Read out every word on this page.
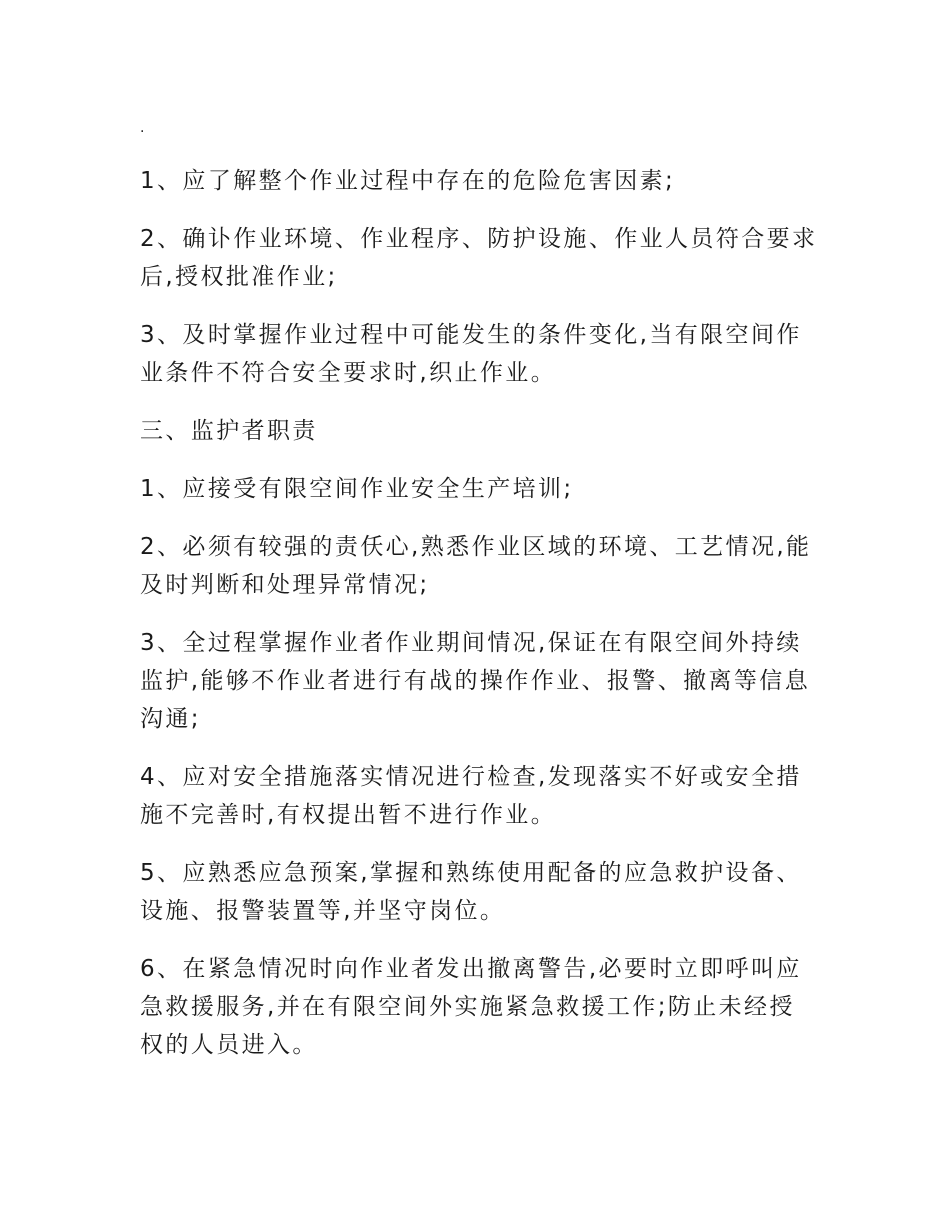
.

1、应了解整个作业过程中存在的危险危害因素;

2、确讣作业环境、作业程序、防护设施、作业人员符合要求后,授权批准作业;

3、及时掌握作业过程中可能发生的条件变化,当有限空间作业条件不符合安全要求时,织止作业。

三、监护者职责

1、应接受有限空间作业安全生产培训;

2、必须有较强的责仸心,熟悉作业区域的环境、工艺情况,能及时判断和处理异常情况;

3、全过程掌握作业者作业期间情况,保证在有限空间外持续监护,能够不作业者进行有战的操作作业、报警、撤离等信息沟通;

4、应对安全措施落实情况进行检查,发现落实不好或安全措施不完善时,有权提出暂不进行作业。

5、应熟悉应急预案,掌握和熟练使用配备的应急救护设备、设施、报警装置等,并坚守岗位。

6、在紧急情况时向作业者发出撤离警告,必要时立即呼叫应急救援服务,并在有限空间外实施紧急救援工作;防止未经授权的人员进入。
